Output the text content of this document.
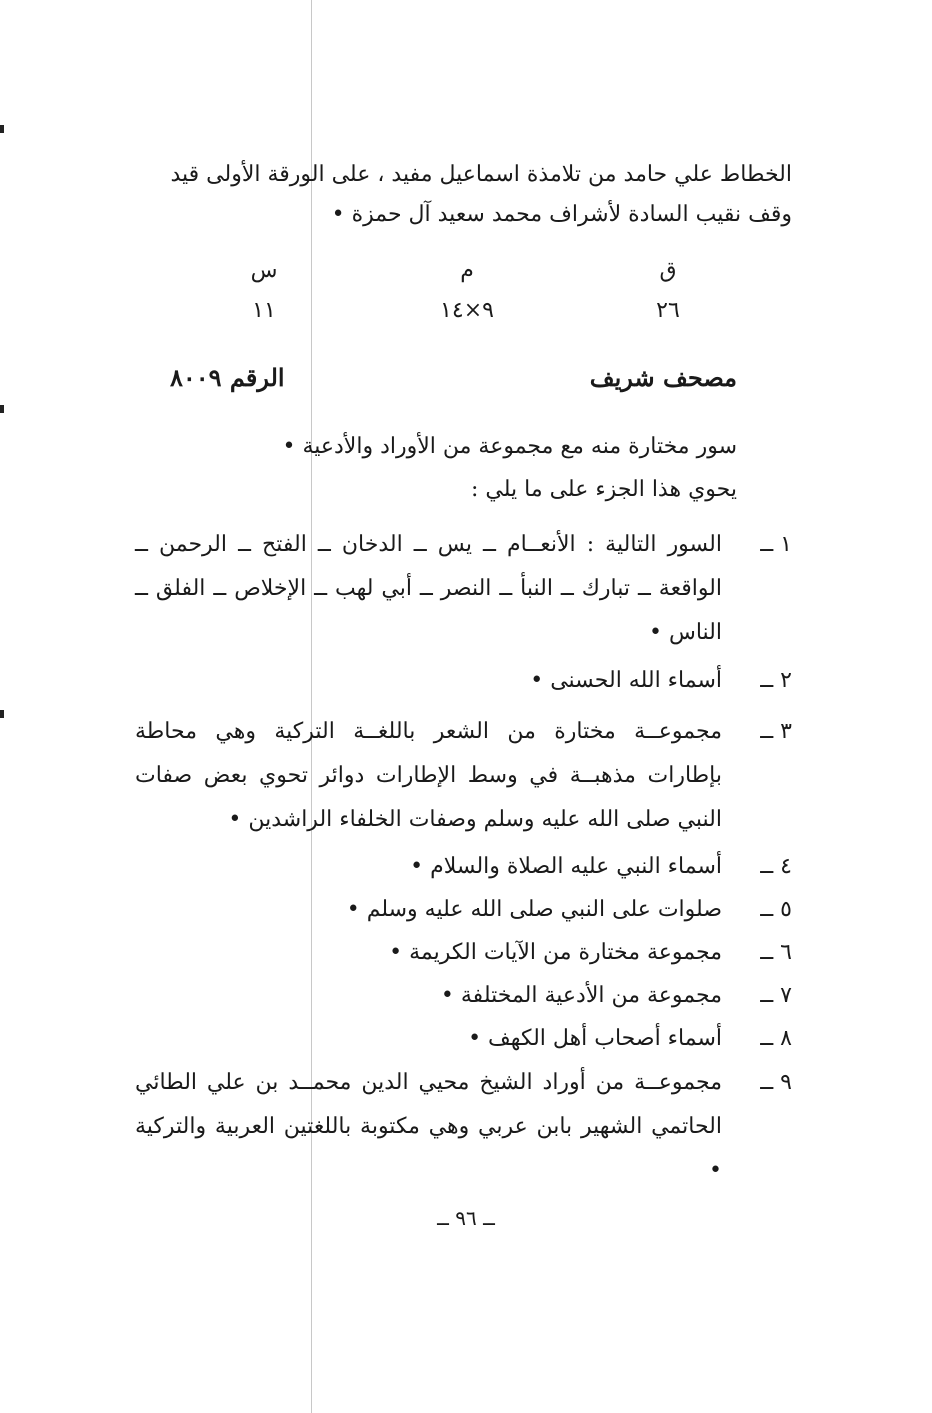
الخطاط علي حامد من تلامذة اسماعيل مفيد ، على الورقة الأولى قيد
وقف نقيب السادة لأشراف محمد سعيد آل حمزة •
ق
م
س
٢٦
٩×١٤
١١
مصحف شريف
الرقم ٨٠٠٩
سور مختارة منه مع مجموعة من الأوراد والأدعية •
يحوي هذا الجزء على ما يلي :
١ ــ
السور التالية : الأنعــام ــ يس ــ الدخان ــ الفتح ــ الرحمن ــ الواقعة ــ تبارك ــ النبأ ــ النصر ــ أبي لهب ــ الإخلاص ــ الفلق ــ الناس •
٢ ــ
أسماء الله الحسنى •
٣ ــ
مجموعــة مختارة من الشعر باللغــة التركية وهي محاطة بإطارات مذهبــة في وسط الإطارات دوائر تحوي بعض صفات النبي صلى الله عليه وسلم وصفات الخلفاء الراشدين •
٤ ــ
أسماء النبي عليه الصلاة والسلام •
٥ ــ
صلوات على النبي صلى الله عليه وسلم •
٦ ــ
مجموعة مختارة من الآيات الكريمة •
٧ ــ
مجموعة من الأدعية المختلفة •
٨ ــ
أسماء أصحاب أهل الكهف •
٩ ــ
مجموعــة من أوراد الشيخ محيي الدين محمــد بن علي الطائي الحاتمي الشهير بابن عربي وهي مكتوبة باللغتين العربية والتركية •
ــ ٩٦ ــ
